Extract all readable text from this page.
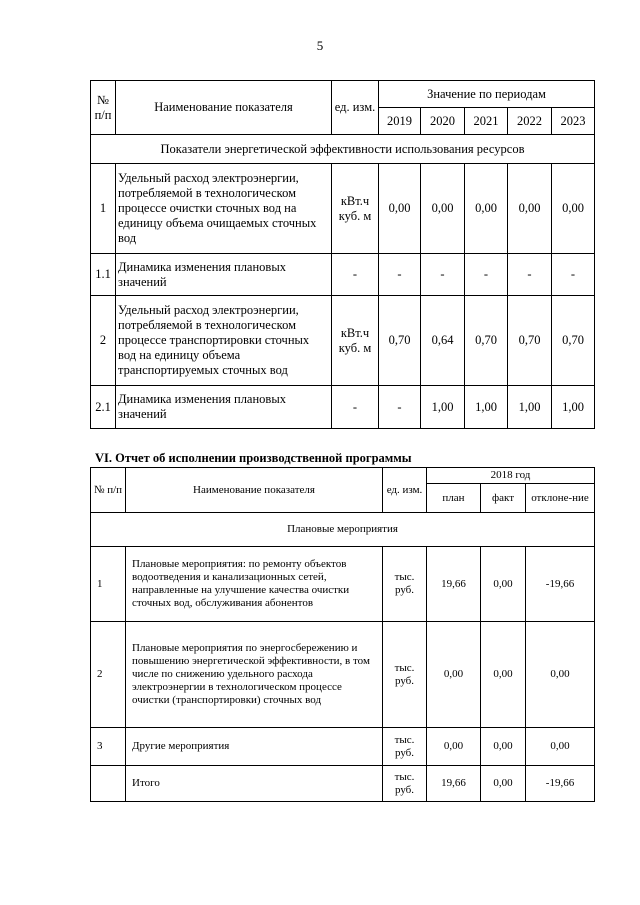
5
№ п/п	Наименование показателя	ед. изм.	Значение по периодам				
			2019	2020	2021	2022	2023
Показатели энергетической эффективности использования ресурсов							
1	Удельный расход электроэнергии, потребляемой в технологическом процессе очистки сточных вод на единицу объема очищаемых сточных вод	кВт.ч куб. м	0,00	0,00	0,00	0,00	0,00
1.1	Динамика изменения плановых значений	-	-	-	-	-	-
2	Удельный расход электроэнергии, потребляемой в технологическом процессе транспортировки сточных вод на единицу объема транспортируемых сточных вод	кВт.ч куб. м	0,70	0,64	0,70	0,70	0,70
2.1	Динамика изменения плановых значений	-	-	1,00	1,00	1,00	1,00
VI. Отчет об исполнении производственной программы
№ п/п	Наименование показателя	ед. изм.	2018 год		
			план	факт	отклоне-ние
Плановые мероприятия					
1	Плановые мероприятия: по ремонту объектов водоотведения и канализационных сетей, направленные на улучшение качества очистки сточных вод, обслуживания абонентов	тыс. руб.	19,66	0,00	-19,66
2	Плановые мероприятия по энергосбережению и повышению энергетической эффективности, в том числе по снижению удельного расхода электроэнергии в технологическом процессе очистки (транспортировки) сточных вод	тыс. руб.	0,00	0,00	0,00
3	Другие мероприятия	тыс. руб.	0,00	0,00	0,00
	Итого	тыс. руб.	19,66	0,00	-19,66
